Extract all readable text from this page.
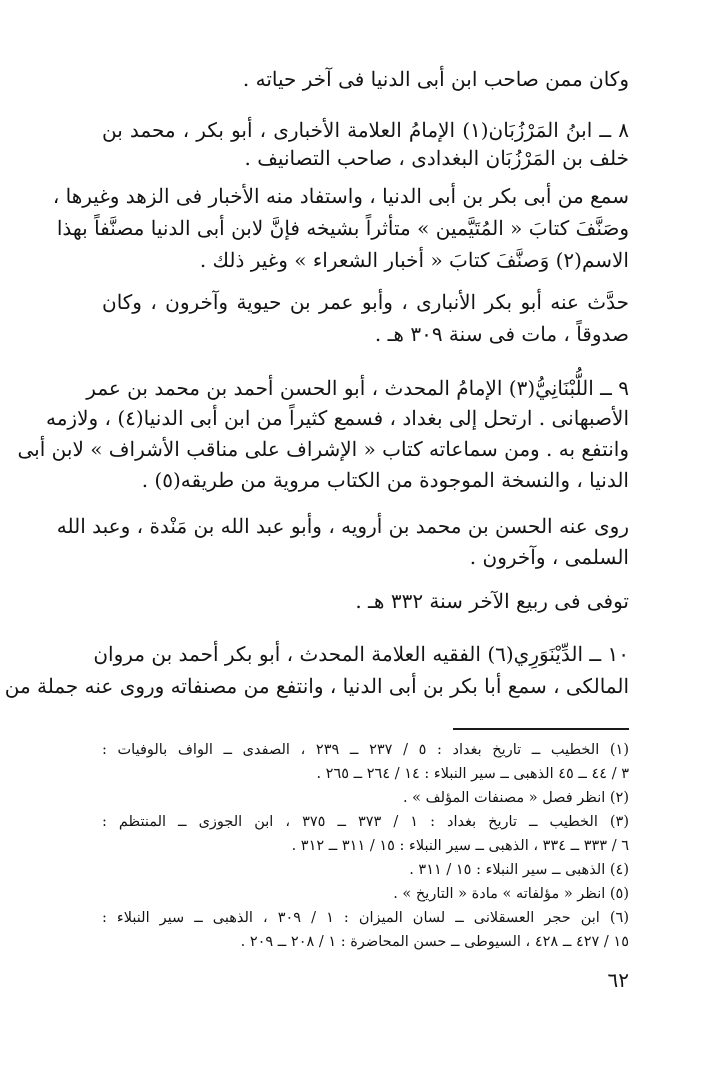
وكان ممن صاحب ابن أبى الدنيا فى آخر حياته .
٨ ــ ابنُ المَرْزُبَان(١) الإمامُ العلامة الأخبارى ، أبو بكر ، محمد بن
خلف بن المَرْزُبَان البغدادى ، صاحب التصانيف .
سمع من أبى بكر بن أبى الدنيا ، واستفاد منه الأخبار فى الزهد وغيرها ،
وصَنَّفَ كتابَ « المُتَيَّمين » متأثراً بشيخه فإنَّ لابن أبى الدنيا مصنَّفاً بهذا
الاسم(٢) وَصنَّفَ كتابَ « أخبار الشعراء » وغير ذلك .
حدَّث عنه أبو بكر الأنبارى ، وأبو عمر بن حيوية وآخرون ، وكان
صدوقاً ، مات فى سنة ٣٠٩ هـ .
٩ ــ اللُّبْنَانِيُّ(٣) الإمامُ المحدث ، أبو الحسن أحمد بن محمد بن عمر
الأصبهانى . ارتحل إلى بغداد ، فسمع كثيراً من ابن أبى الدنيا(٤) ، ولازمه
وانتفع به . ومن سماعاته كتاب « الإشراف على مناقب الأشراف » لابن أبى
الدنيا ، والنسخة الموجودة من الكتاب مروية من طريقه(٥) .
روى عنه الحسن بن محمد بن أرويه ، وأبو عبد الله بن مَنْدة ، وعبد الله
السلمى ، وآخرون .
توفى فى ربيع الآخر سنة ٣٣٢ هـ .
١٠ ــ الدِّيْنَوَرِي(٦) الفقيه العلامة المحدث ، أبو بكر أحمد بن مروان
المالكى ، سمع أبا بكر بن أبى الدنيا ، وانتفع من مصنفاته وروى عنه جملة من
(١) الخطيب ــ تاريخ بغداد : ٥ / ٢٣٧ ــ ٢٣٩ ، الصفدى ــ الواف بالوفيات :
٣ / ٤٤ ــ ٤٥ الذهبى ــ سير النبلاء : ١٤ / ٢٦٤ ــ ٢٦٥ .
(٢) انظر فصل « مصنفات المؤلف » .
(٣) الخطيب ــ تاريخ بغداد : ١ / ٣٧٣ ــ ٣٧٥ ، ابن الجوزى ــ المنتظم :
٦ / ٣٣٣ ــ ٣٣٤ ، الذهبى ــ سير النبلاء : ١٥ / ٣١١ ــ ٣١٢ .
(٤) الذهبى ــ سير النبلاء : ١٥ / ٣١١ .
(٥) انظر « مؤلفاته » مادة « التاريخ » .
(٦) ابن حجر العسقلانى ــ لسان الميزان : ١ / ٣٠٩ ، الذهبى ــ سير النبلاء :
١٥ / ٤٢٧ ــ ٤٢٨ ، السيوطى ــ حسن المحاضرة : ١ / ٢٠٨ ــ ٢٠٩ .
٦٢
